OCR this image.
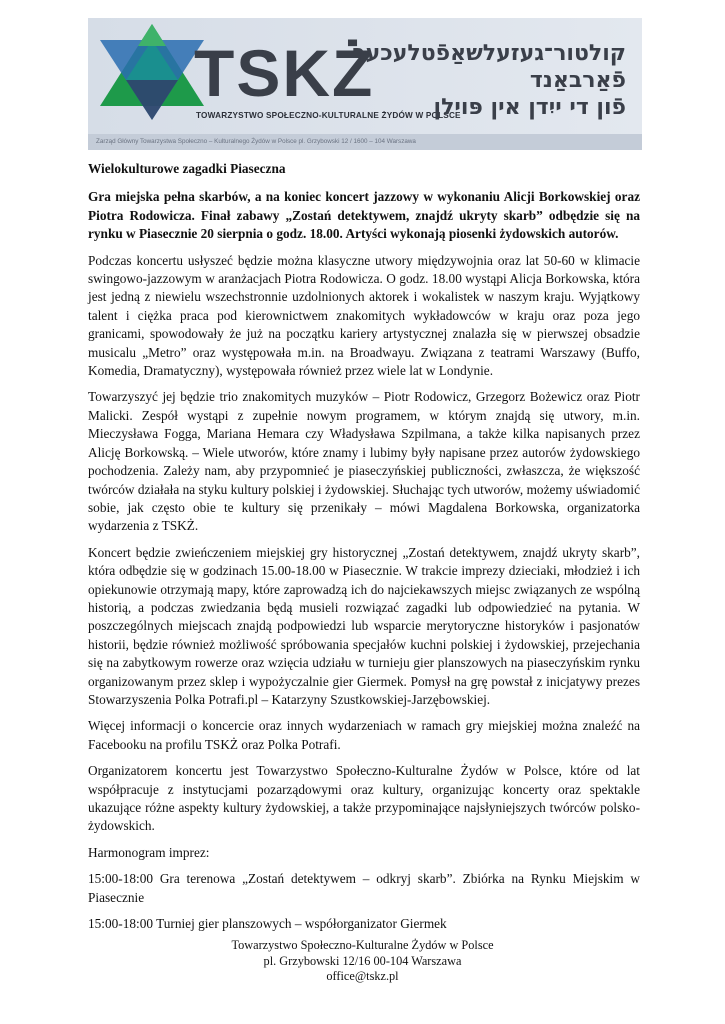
TSKŻ
TOWARZYSTWO SPOŁECZNO-KULTURALNE ŻYDÓW W POLSCE
קולטור־געזעלשאַפֿטלעכער
פֿאַרבאַנד
פֿון די ייִדן אין פּוילן
Zarząd Główny Towarzystwa Społeczno – Kulturalnego Żydów w Polsce pl. Grzybowski 12 / 1600 – 104 Warszawa

Wielokulturowe zagadki Piaseczna

Gra miejska pełna skarbów, a na koniec koncert jazzowy w wykonaniu Alicji Borkowskiej oraz Piotra Rodowicza. Finał zabawy „Zostań detektywem, znajdź ukryty skarb” odbędzie się na rynku w Piasecznie 20 sierpnia o godz. 18.00. Artyści wykonają piosenki żydowskich autorów.

Podczas koncertu usłyszeć będzie można klasyczne utwory międzywojnia oraz lat 50-60 w klimacie swingowo-jazzowym w aranżacjach Piotra Rodowicza. O godz. 18.00 wystąpi Alicja Borkowska, która jest jedną z niewielu wszechstronnie uzdolnionych aktorek i wokalistek w naszym kraju. Wyjątkowy talent i ciężka praca pod kierownictwem znakomitych wykładowców w kraju oraz poza jego granicami, spowodowały że już na początku kariery artystycznej znalazła się w pierwszej obsadzie musicalu „Metro” oraz występowała m.in. na Broadwayu. Związana z teatrami Warszawy (Buffo, Komedia, Dramatyczny), występowała również przez wiele lat w Londynie.

Towarzyszyć jej będzie trio znakomitych muzyków – Piotr Rodowicz, Grzegorz Bożewicz oraz Piotr Malicki. Zespół wystąpi z zupełnie nowym programem, w którym znajdą się utwory, m.in. Mieczysława Fogga, Mariana Hemara czy Władysława Szpilmana, a także kilka napisanych przez Alicję Borkowską. – Wiele utworów, które znamy i lubimy były napisane przez autorów żydowskiego pochodzenia. Zależy nam, aby przypomnieć je piaseczyńskiej publiczności, zwłaszcza, że większość twórców działała na styku kultury polskiej i żydowskiej. Słuchając tych utworów, możemy uświadomić sobie, jak często obie te kultury się przenikały – mówi Magdalena Borkowska, organizatorka wydarzenia z TSKŻ.

Koncert będzie zwieńczeniem miejskiej gry historycznej „Zostań detektywem, znajdź ukryty skarb”, która odbędzie się w godzinach 15.00-18.00 w Piasecznie. W trakcie imprezy dzieciaki, młodzież i ich opiekunowie otrzymają mapy, które zaprowadzą ich do najciekawszych miejsc związanych ze wspólną historią, a podczas zwiedzania będą musieli rozwiązać zagadki lub odpowiedzieć na pytania. W poszczególnych miejscach znajdą podpowiedzi lub wsparcie merytoryczne historyków i pasjonatów historii, będzie również możliwość spróbowania specjałów kuchni polskiej i żydowskiej, przejechania się na zabytkowym rowerze oraz wzięcia udziału w turnieju gier planszowych na piaseczyńskim rynku organizowanym przez sklep i wypożyczalnie gier Giermek. Pomysł na grę powstał z inicjatywy prezes Stowarzyszenia Polka Potrafi.pl – Katarzyny Szustkowskiej-Jarzębowskiej.

Więcej informacji o koncercie oraz innych wydarzeniach w ramach gry miejskiej można znaleźć na Facebooku na profilu TSKŻ oraz Polka Potrafi.

Organizatorem koncertu jest Towarzystwo Społeczno-Kulturalne Żydów w Polsce, które od lat współpracuje z instytucjami pozarządowymi oraz kultury, organizując koncerty oraz spektakle ukazujące różne aspekty kultury żydowskiej, a także przypominające najsłyniejszych twórców polsko-żydowskich.

Harmonogram imprez:

15:00-18:00 Gra terenowa „Zostań detektywem – odkryj skarb”. Zbiórka na Rynku Miejskim w Piasecznie

15:00-18:00 Turniej gier planszowych – współorganizator Giermek

Towarzystwo Społeczno-Kulturalne Żydów w Polsce
pl. Grzybowski 12/16 00-104 Warszawa
office@tskz.pl
